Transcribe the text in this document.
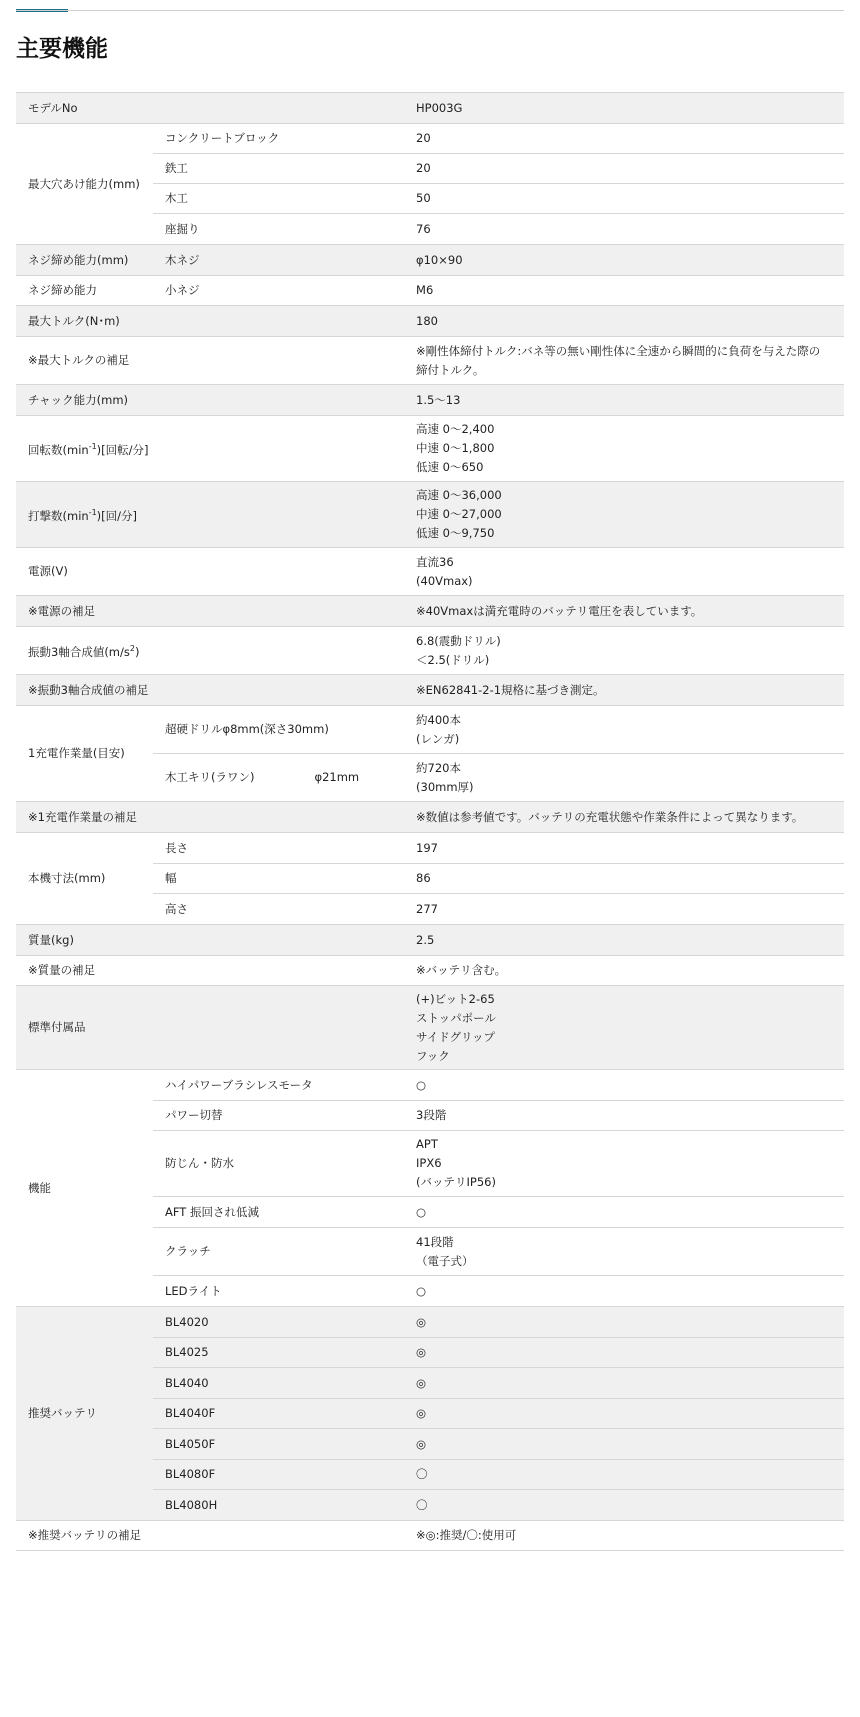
主要機能
モデルNo		HP003G
最大穴あけ能力(mm)	コンクリートブロック	20
	鉄工	20
	木工	50
	座掘り	76
ネジ締め能力(mm)	木ネジ	φ10×90
ネジ締め能力	小ネジ	M6
最大トルク(N･m)		180
※最大トルクの補足		※剛性体締付トルク:バネ等の無い剛性体に全速から瞬間的に負荷を与えた際の
締付トルク。

チャック能力(mm)		1.5～13
回転数$(\min^{-1})$[回転/分]		高速 0～2,400
中速 0～1,800
低速 0～650

打撃数$(\min^{-1})$[回/分]		高速 0～36,000
中速 0～27,000
低速 0～9,750

電源(V)		直流36
(40Vmax)

※電源の補足		※40Vmaxは満充電時のバッテリ電圧を表しています。
振動3軸合成値$(m/s^2)$		6.8(震動ドリル)
＜2.5(ドリル)

※振動3軸合成値の補足		※EN62841-2-1規格に基づき測定。
1充電作業量(目安)	超硬ドリルφ8mm(深さ30mm)	約400本
(レンガ)

	木工キリ(ラワン) φ21mm	約720本
(30mm厚)

※1充電作業量の補足		※数値は参考値です。バッテリの充電状態や作業条件によって異なります。
本機寸法(mm)	長さ	197
	幅	86
	高さ	277
質量(kg)		2.5
※質量の補足		※バッテリ含む。
標準付属品		(+)ビット2-65
ストッパポール
サイドグリップ
フック

機能	ハイパワーブラシレスモータ	○
	パワー切替	3段階
	防じん・防水	APT
IPX6
(バッテリIP56)

	AFT 振回され低減	○
	クラッチ	41段階
（電子式）

	LEDライト	○
推奨バッテリ	BL4020	◎
	BL4025	◎
	BL4040	◎
	BL4040F	◎
	BL4050F	◎
	BL4080F	〇
	BL4080H	〇
※推奨バッテリの補足		※◎:推奨/〇:使用可
